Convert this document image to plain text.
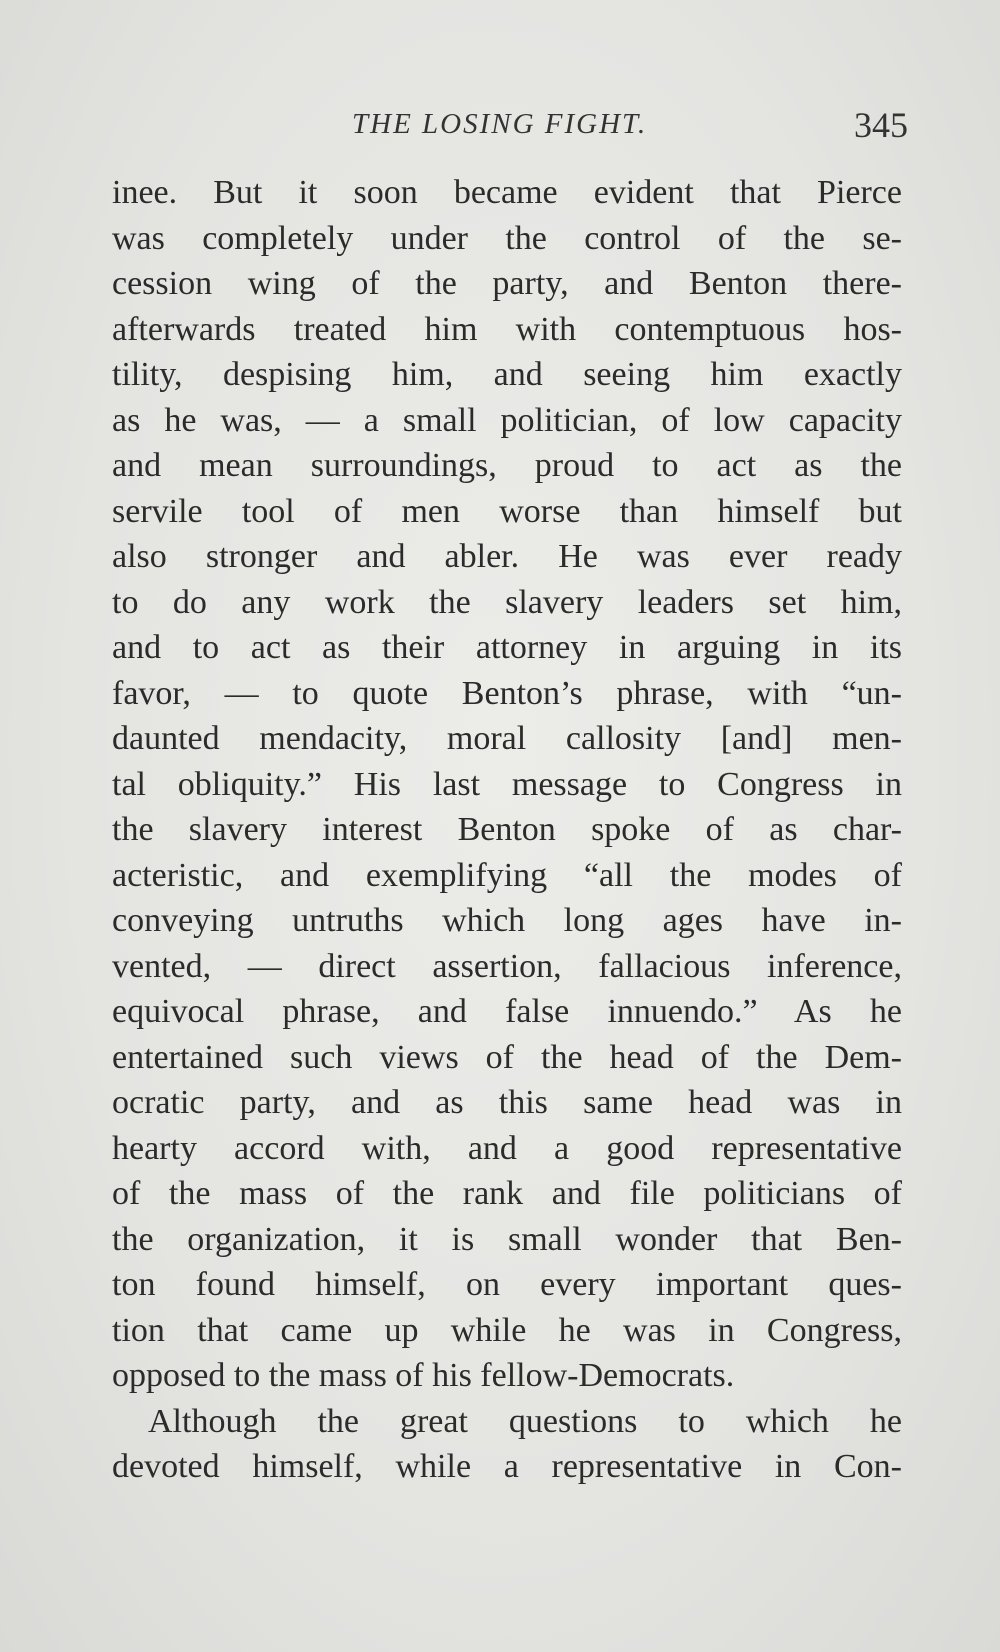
THE LOSING FIGHT.	345
inee. But it soon became evident that Pierce
was completely under the control of the se-
cession wing of the party, and Benton there-
afterwards treated him with contemptuous hos-
tility, despising him, and seeing him exactly
as he was, — a small politician, of low capacity
and mean surroundings, proud to act as the
servile tool of men worse than himself but
also stronger and abler. He was ever ready
to do any work the slavery leaders set him,
and to act as their attorney in arguing in its
favor, — to quote Benton’s phrase, with “un-
daunted mendacity, moral callosity [and] men-
tal obliquity.” His last message to Congress in
the slavery interest Benton spoke of as char-
acteristic, and exemplifying “all the modes of
conveying untruths which long ages have in-
vented, — direct assertion, fallacious inference,
equivocal phrase, and false innuendo.” As he
entertained such views of the head of the Dem-
ocratic party, and as this same head was in
hearty accord with, and a good representative
of the mass of the rank and file politicians of
the organization, it is small wonder that Ben-
ton found himself, on every important ques-
tion that came up while he was in Congress,
opposed to the mass of his fellow-Democrats.
Although the great questions to which he
devoted himself, while a representative in Con-
